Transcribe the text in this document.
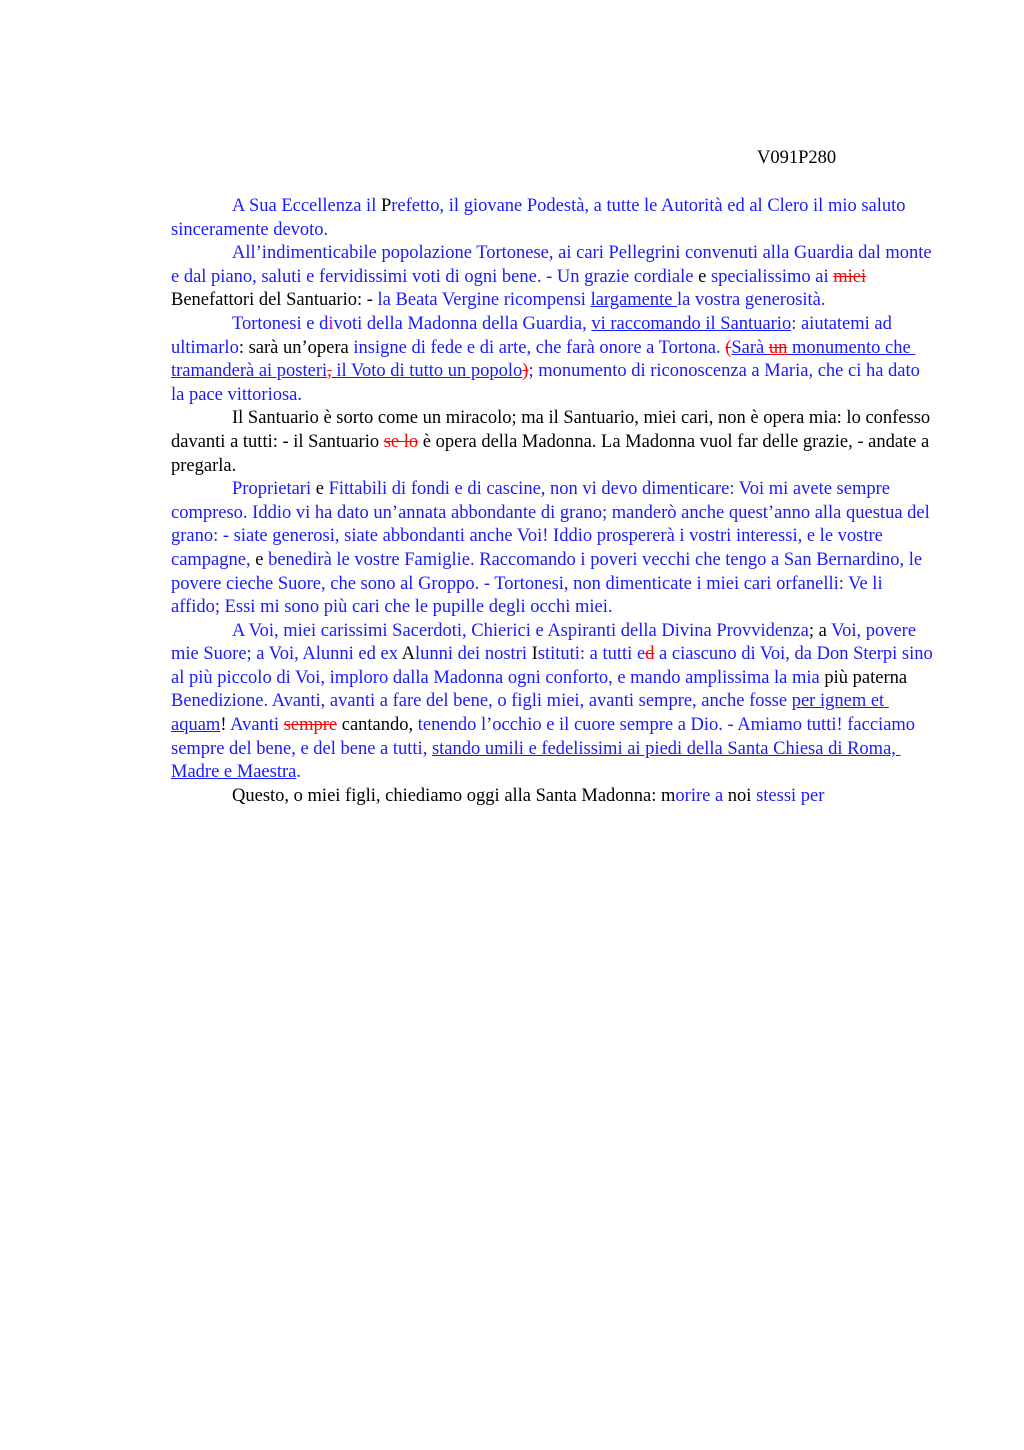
V091P280

A Sua Eccellenza il Prefetto, il giovane Podestà, a tutte le Autorità ed al Clero il mio saluto sinceramente devoto.

All’indimenticabile popolazione Tortonese, ai cari Pellegrini convenuti alla Guardia dal monte e dal piano, saluti e fervidissimi voti di ogni bene. - Un grazie cordiale e specialissimo ai miei Benefattori del Santuario: - la Beata Vergine ricompensi largamente la vostra generosità.

Tortonesi e divoti della Madonna della Guardia, vi raccomando il Santuario: aiutatemi ad ultimarlo: sarà un’opera insigne di fede e di arte, che farà onore a Tortona. (Sarà un monumento che tramanderà ai posteri, il Voto di tutto un popolo); monumento di riconoscenza a Maria, che ci ha dato la pace vittoriosa.

Il Santuario è sorto come un miracolo; ma il Santuario, miei cari, non è opera mia: lo confesso davanti a tutti: - il Santuario se lo è opera della Madonna. La Madonna vuol far delle grazie, - andate a pregarla.

Proprietari e Fittabili di fondi e di cascine, non vi devo dimenticare: Voi mi avete sempre compreso. Iddio vi ha dato un’annata abbondante di grano; manderò anche quest’anno alla questua del grano: - siate generosi, siate abbondanti anche Voi! Iddio prospererà i vostri interessi, e le vostre campagne, e benedirà le vostre Famiglie. Raccomando i poveri vecchi che tengo a San Bernardino, le povere cieche Suore, che sono al Groppo. - Tortonesi, non dimenticate i miei cari orfanelli: Ve li affido; Essi mi sono più cari che le pupille degli occhi miei.

A Voi, miei carissimi Sacerdoti, Chierici e Aspiranti della Divina Provvidenza; a Voi, povere mie Suore; a Voi, Alunni ed ex Alunni dei nostri Istituti: a tutti ed a ciascuno di Voi, da Don Sterpi sino al più piccolo di Voi, imploro dalla Madonna ogni conforto, e mando amplissima la mia più paterna Benedizione. Avanti, avanti a fare del bene, o figli miei, avanti sempre, anche fosse per ignem et aquam! Avanti sempre cantando, tenendo l’occhio e il cuore sempre a Dio. - Amiamo tutti! facciamo sempre del bene, e del bene a tutti, stando umili e fedelissimi ai piedi della Santa Chiesa di Roma, Madre e Maestra.

Questo, o miei figli, chiediamo oggi alla Santa Madonna: morire a noi stessi per
